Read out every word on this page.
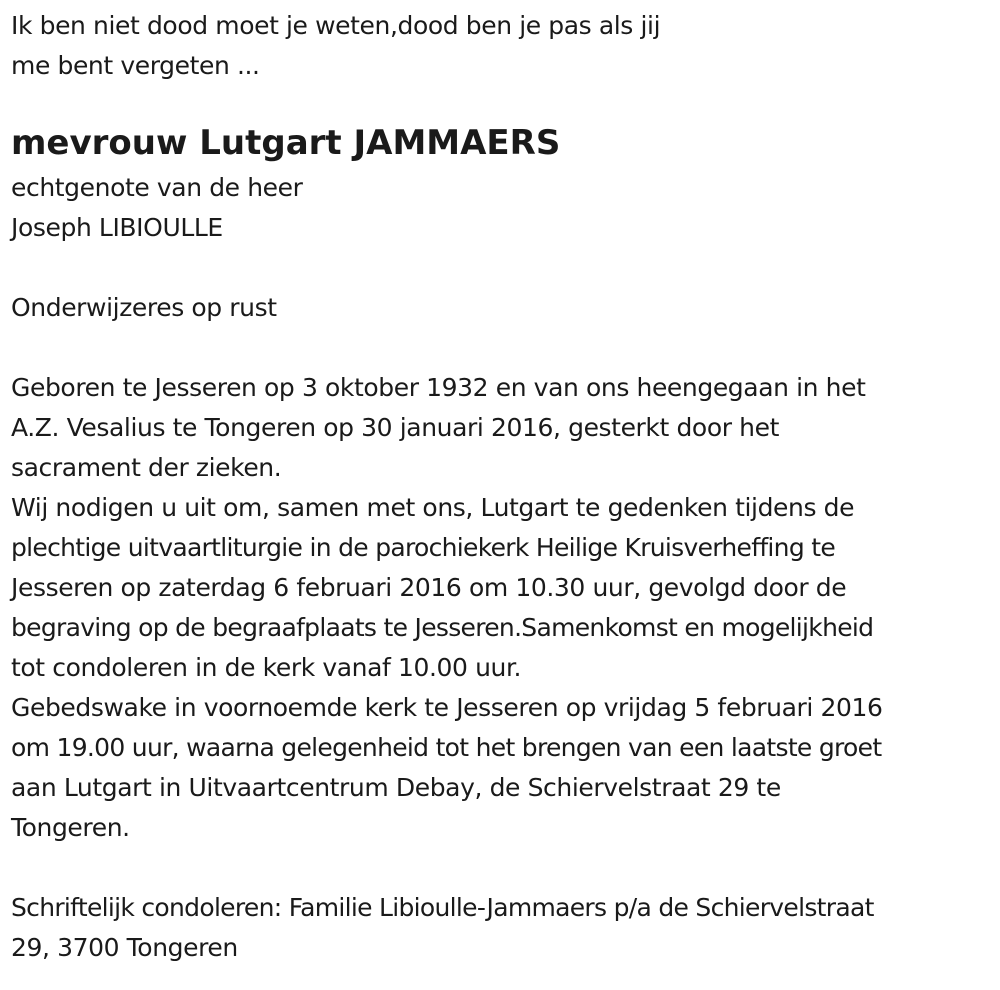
Ik ben niet dood moet je weten,dood ben je pas als jij
me bent vergeten ...
mevrouw Lutgart JAMMAERS
echtgenote van de heer
Joseph LIBIOULLE
Onderwijzeres op rust
Geboren te Jesseren op 3 oktober 1932 en van ons heengegaan in het
A.Z. Vesalius te Tongeren op 30 januari 2016, gesterkt door het
sacrament der zieken.
Wij nodigen u uit om, samen met ons, Lutgart te gedenken tijdens de
plechtige uitvaartliturgie in de parochiekerk Heilige Kruisverheffing te
Jesseren op zaterdag 6 februari 2016 om 10.30 uur, gevolgd door de
begraving op de begraafplaats te Jesseren.Samenkomst en mogelijkheid
tot condoleren in de kerk vanaf 10.00 uur.
Gebedswake in voornoemde kerk te Jesseren op vrijdag 5 februari 2016
om 19.00 uur, waarna gelegenheid tot het brengen van een laatste groet
aan Lutgart in Uitvaartcentrum Debay, de Schiervelstraat 29 te
Tongeren.
Schriftelijk condoleren: Familie Libioulle-Jammaers p/a de Schiervelstraat
29, 3700 Tongeren
